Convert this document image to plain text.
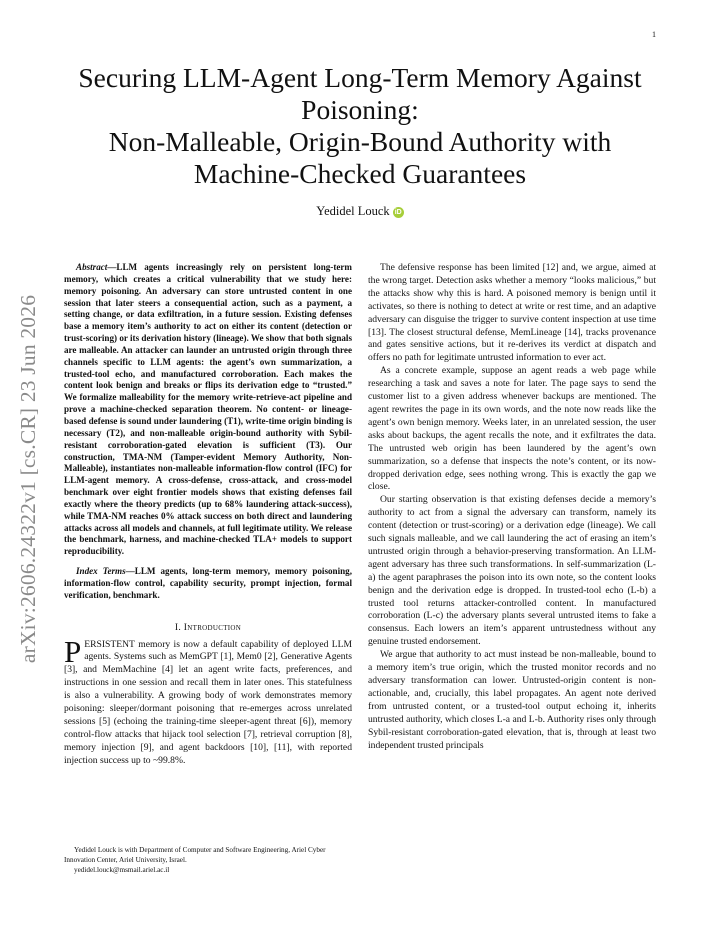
1
arXiv:2606.24322v1 [cs.CR] 23 Jun 2026
Securing LLM-Agent Long-Term Memory Against
Poisoning:
Non-Malleable, Origin-Bound Authority with
Machine-Checked Guarantees
Yedidel Louck iD

Abstract—LLM agents increasingly rely on persistent long-term memory, which creates a critical vulnerability that we study here: memory poisoning. An adversary can store untrusted content in one session that later steers a consequential action, such as a payment, a setting change, or data exfiltration, in a future session. Existing defenses base a memory item’s authority to act on either its content (detection or trust-scoring) or its derivation history (lineage). We show that both signals are malleable. An attacker can launder an untrusted origin through three channels specific to LLM agents: the agent’s own summarization, a trusted-tool echo, and manufactured corroboration. Each makes the content look benign and breaks or flips its derivation edge to “trusted.” We formalize malleability for the memory write-retrieve-act pipeline and prove a machine-checked separation theorem. No content- or lineage-based defense is sound under laundering (T1), write-time origin binding is necessary (T2), and non-malleable origin-bound authority with Sybil-resistant corroboration-gated elevation is sufficient (T3). Our construction, TMA-NM (Tamper-evident Memory Authority, Non-Malleable), instantiates non-malleable information-flow control (IFC) for LLM-agent memory. A cross-defense, cross-attack, and cross-model benchmark over eight frontier models shows that existing defenses fail exactly where the theory predicts (up to 68% laundering attack-success), while TMA-NM reaches 0% attack success on both direct and laundering attacks across all models and channels, at full legitimate utility. We release the benchmark, harness, and machine-checked TLA+ models to support reproducibility.

Index Terms—LLM agents, long-term memory, memory poisoning, information-flow control, capability security, prompt injection, formal verification, benchmark.

I. Introduction

PERSISTENT memory is now a default capability of deployed LLM agents. Systems such as MemGPT [1], Mem0 [2], Generative Agents [3], and MemMachine [4] let an agent write facts, preferences, and instructions in one session and recall them in later ones. This statefulness is also a vulnerability. A growing body of work demonstrates memory poisoning: sleeper/dormant poisoning that re-emerges across unrelated sessions [5] (echoing the training-time sleeper-agent threat [6]), memory control-flow attacks that hijack tool selection [7], retrieval corruption [8], memory injection [9], and agent backdoors [10], [11], with reported injection success up to ~99.8%.

Yedidel Louck is with Department of Computer and Software Engineering, Ariel Cyber Innovation Center, Ariel University, Israel.

yedidel.louck@msmail.ariel.ac.il

The defensive response has been limited [12] and, we argue, aimed at the wrong target. Detection asks whether a memory “looks malicious,” but the attacks show why this is hard. A poisoned memory is benign until it activates, so there is nothing to detect at write or rest time, and an adaptive adversary can disguise the trigger to survive content inspection at use time [13]. The closest structural defense, MemLineage [14], tracks provenance and gates sensitive actions, but it re-derives its verdict at dispatch and offers no path for legitimate untrusted information to ever act.

As a concrete example, suppose an agent reads a web page while researching a task and saves a note for later. The page says to send the customer list to a given address whenever backups are mentioned. The agent rewrites the page in its own words, and the note now reads like the agent’s own benign memory. Weeks later, in an unrelated session, the user asks about backups, the agent recalls the note, and it exfiltrates the data. The untrusted web origin has been laundered by the agent’s own summarization, so a defense that inspects the note’s content, or its now-dropped derivation edge, sees nothing wrong. This is exactly the gap we close.

Our starting observation is that existing defenses decide a memory’s authority to act from a signal the adversary can transform, namely its content (detection or trust-scoring) or a derivation edge (lineage). We call such signals malleable, and we call laundering the act of erasing an item’s untrusted origin through a behavior-preserving transformation. An LLM-agent adversary has three such transformations. In self-summarization (L-a) the agent paraphrases the poison into its own note, so the content looks benign and the derivation edge is dropped. In trusted-tool echo (L-b) a trusted tool returns attacker-controlled content. In manufactured corroboration (L-c) the adversary plants several untrusted items to fake a consensus. Each lowers an item’s apparent untrustedness without any genuine trusted endorsement.

We argue that authority to act must instead be non-malleable, bound to a memory item’s true origin, which the trusted monitor records and no adversary transformation can lower. Untrusted-origin content is non-actionable, and, crucially, this label propagates. An agent note derived from untrusted content, or a trusted-tool output echoing it, inherits untrusted authority, which closes L-a and L-b. Authority rises only through Sybil-resistant corroboration-gated elevation, that is, through at least two independent trusted principals
